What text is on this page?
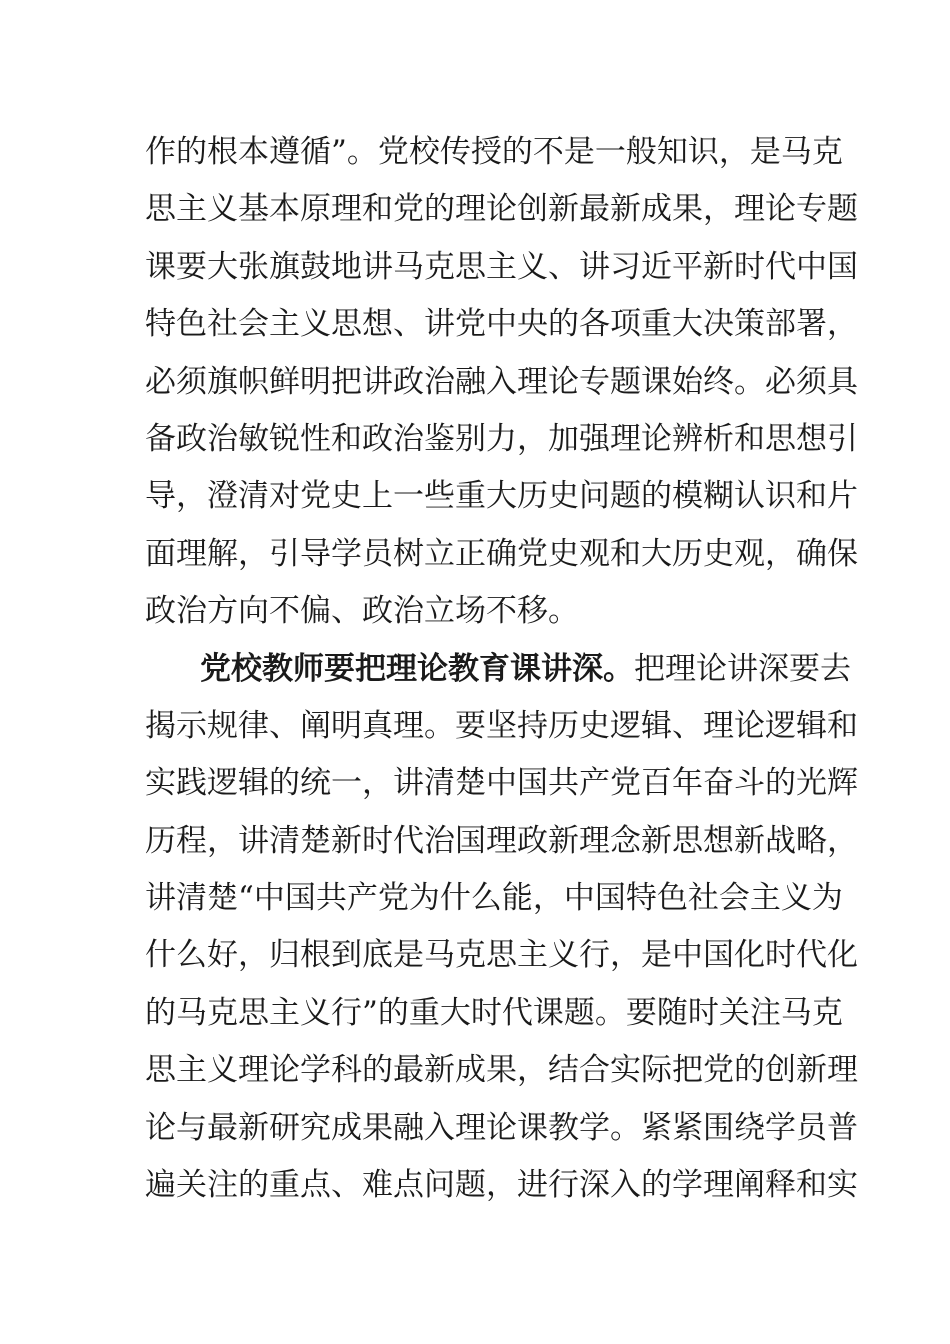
作的根本遵循”。党校传授的不是一般知识，是马克
思主义基本原理和党的理论创新最新成果，理论专题
课要大张旗鼓地讲马克思主义、讲习近平新时代中国
特色社会主义思想、讲党中央的各项重大决策部署，
必须旗帜鲜明把讲政治融入理论专题课始终。必须具
备政治敏锐性和政治鉴别力，加强理论辨析和思想引
导，澄清对党史上一些重大历史问题的模糊认识和片
面理解，引导学员树立正确党史观和大历史观，确保
政治方向不偏、政治立场不移。
党校教师要把理论教育课讲深。把理论讲深要去
揭示规律、阐明真理。要坚持历史逻辑、理论逻辑和
实践逻辑的统一，讲清楚中国共产党百年奋斗的光辉
历程，讲清楚新时代治国理政新理念新思想新战略，
讲清楚“中国共产党为什么能，中国特色社会主义为
什么好，归根到底是马克思主义行，是中国化时代化
的马克思主义行”的重大时代课题。要随时关注马克
思主义理论学科的最新成果，结合实际把党的创新理
论与最新研究成果融入理论课教学。紧紧围绕学员普
遍关注的重点、难点问题，进行深入的学理阐释和实
